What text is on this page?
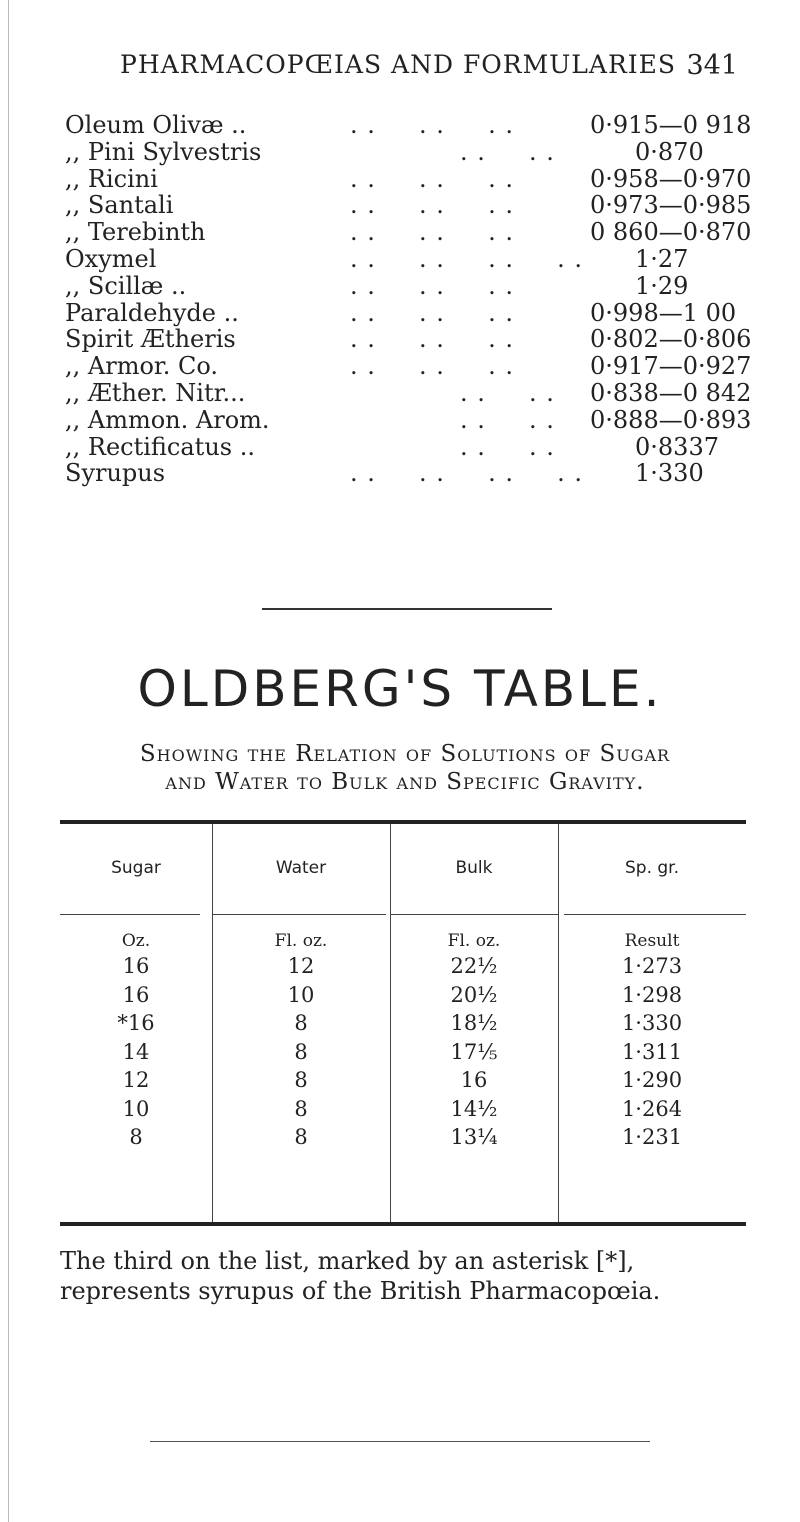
PHARMACOPŒIAS AND FORMULARIES 341
Oleum Olivæ ..	. .     . .     . .	0·915—0 918
,, Pini Sylvestris	. .     . .	0·870
,, Ricini	. .     . .     . .	0·958—0·970
,, Santali	. .     . .     . .	0·973—0·985
,, Terebinth	. .     . .     . .	0 860—0·870
Oxymel	. .     . .     . .     . . 1·27
,, Scillæ ..	. .     . .     . .	1·29
Paraldehyde ..	. .     . .     . .	0·998—1 00
Spirit Ætheris	. .     . .     . .	0·802—0·806
,, Armor. Co.	. .     . .     . .	0·917—0·927
,, Æther. Nitr...	. .     . . 0·838—0 842
,, Ammon. Arom.	. .     . . 0·888—0·893
,, Rectificatus ..	. .     . .	0·8337
Syrupus	. .     . .     . .     . . 1·330
OLDBERG'S TABLE.
Showing the Relation of Solutions of Sugar
and Water to Bulk and Specific Gravity.
Sugar	Water	Bulk	Sp. gr.
Oz.	Fl. oz.	Fl. oz.	Result
16	12	22½	1·273
16	10	20½	1·298
*16	8	18½	1·330
14	8	17⅕	1·311
12	8	16	1·290
10	8	14½	1·264
8	8	13¼	1·231
The third on the list, marked by an asterisk [*],
represents syrupus of the British Pharmacopœia.
